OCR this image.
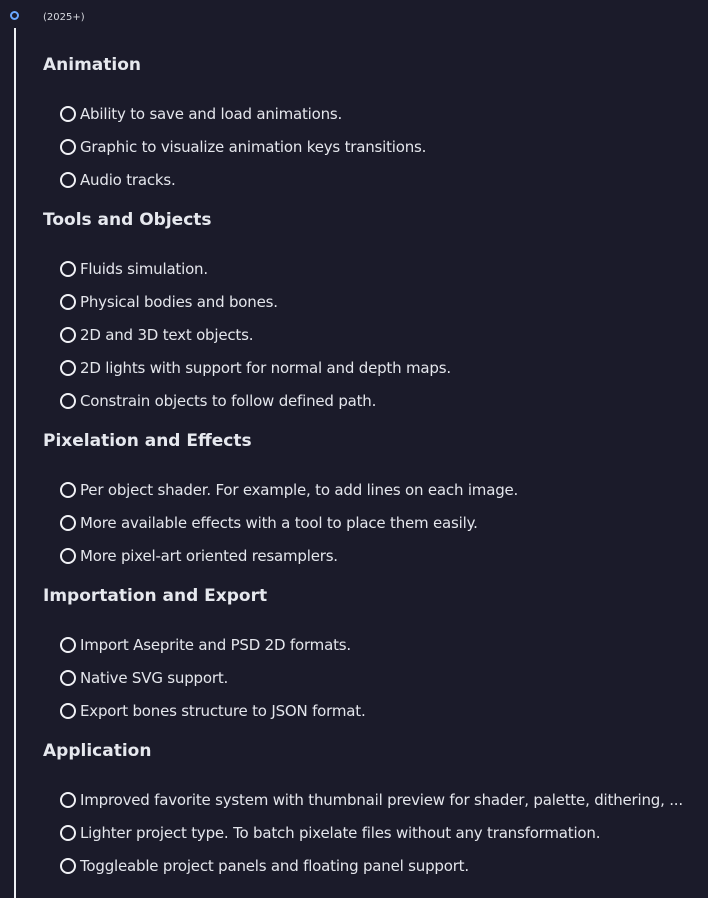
(2025+)
Animation
Ability to save and load animations.
Graphic to visualize animation keys transitions.
Audio tracks.
Tools and Objects
Fluids simulation.
Physical bodies and bones.
2D and 3D text objects.
2D lights with support for normal and depth maps.
Constrain objects to follow defined path.
Pixelation and Effects
Per object shader. For example, to add lines on each image.
More available effects with a tool to place them easily.
More pixel-art oriented resamplers.
Importation and Export
Import Aseprite and PSD 2D formats.
Native SVG support.
Export bones structure to JSON format.
Application
Improved favorite system with thumbnail preview for shader, palette, dithering, ...
Lighter project type. To batch pixelate files without any transformation.
Toggleable project panels and floating panel support.
